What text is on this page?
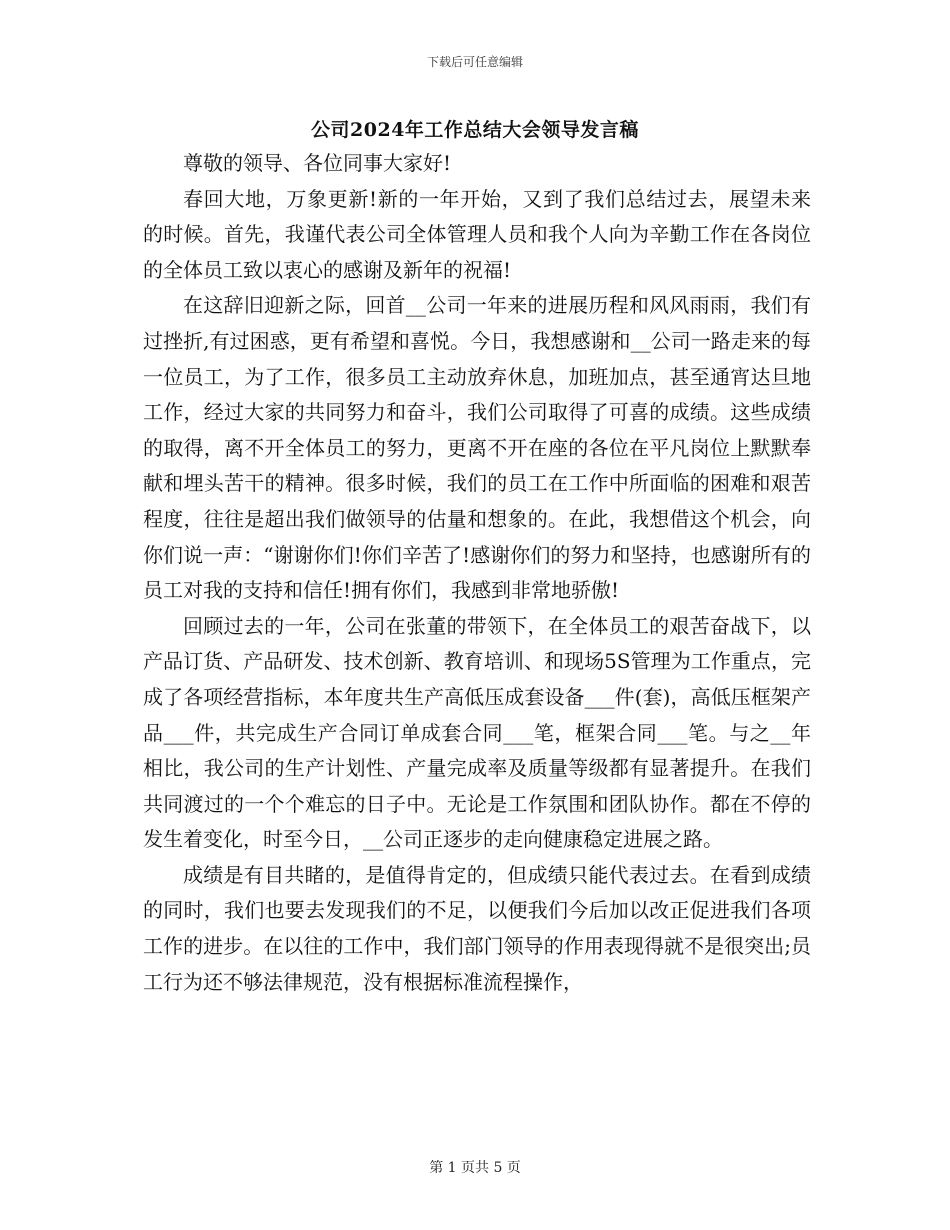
下载后可任意编辑
公司2024年工作总结大会领导发言稿

尊敬的领导、各位同事大家好!

春回大地，万象更新!新的一年开始，又到了我们总结过去，展望未来的时候。首先，我谨代表公司全体管理人员和我个人向为辛勤工作在各岗位的全体员工致以衷心的感谢及新年的祝福!

在这辞旧迎新之际，回首__公司一年来的进展历程和风风雨雨，我们有过挫折,有过困惑，更有希望和喜悦。今日，我想感谢和__公司一路走来的每一位员工，为了工作，很多员工主动放弃休息，加班加点，甚至通宵达旦地工作，经过大家的共同努力和奋斗，我们公司取得了可喜的成绩。这些成绩的取得，离不开全体员工的努力，更离不开在座的各位在平凡岗位上默默奉献和埋头苦干的精神。很多时候，我们的员工在工作中所面临的困难和艰苦程度，往往是超出我们做领导的估量和想象的。在此，我想借这个机会，向你们说一声：“谢谢你们!你们辛苦了!感谢你们的努力和坚持，也感谢所有的员工对我的支持和信任!拥有你们，我感到非常地骄傲!

回顾过去的一年，公司在张董的带领下，在全体员工的艰苦奋战下，以产品订货、产品研发、技术创新、教育培训、和现场5S管理为工作重点，完成了各项经营指标，本年度共生产高低压成套设备___件(套)，高低压框架产品___件，共完成生产合同订单成套合同___笔，框架合同___笔。与之__年相比，我公司的生产计划性、产量完成率及质量等级都有显著提升。在我们共同渡过的一个个难忘的日子中。无论是工作氛围和团队协作。都在不停的发生着变化，时至今日，__公司正逐步的走向健康稳定进展之路。

成绩是有目共睹的，是值得肯定的，但成绩只能代表过去。在看到成绩的同时，我们也要去发现我们的不足，以便我们今后加以改正促进我们各项工作的进步。在以往的工作中，我们部门领导的作用表现得就不是很突出;员工行为还不够法律规范，没有根据标准流程操作，

第 1 页共 5 页
